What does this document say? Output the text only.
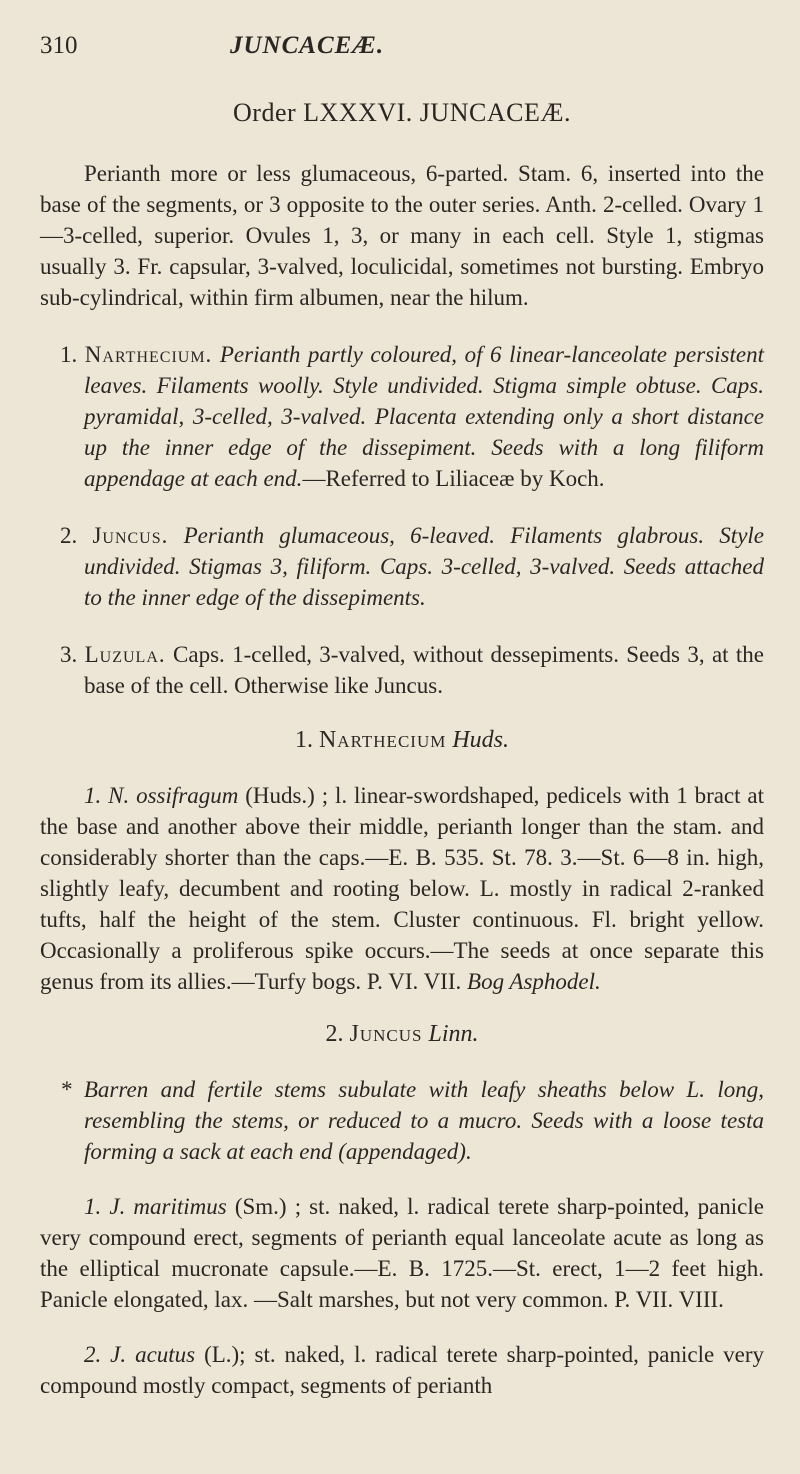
310	JUNCACEÆ.
Order LXXXVI. JUNCACEÆ.

Perianth more or less glumaceous, 6-parted. Stam. 6, inserted into the base of the segments, or 3 opposite to the outer series. Anth. 2-celled. Ovary 1—3-celled, superior. Ovules 1, 3, or many in each cell. Style 1, stigmas usually 3. Fr. capsular, 3-valved, loculicidal, sometimes not bursting. Embryo sub-cylindrical, within firm albumen, near the hilum.

1. Narthecium. Perianth partly coloured, of 6 linear-lanceolate persistent leaves. Filaments woolly. Style undivided. Stigma simple obtuse. Caps. pyramidal, 3-celled, 3-valved. Placenta extending only a short distance up the inner edge of the dissepiment. Seeds with a long filiform appendage at each end.—Referred to Liliaceæ by Koch.

2. Juncus. Perianth glumaceous, 6-leaved. Filaments glabrous. Style undivided. Stigmas 3, filiform. Caps. 3-celled, 3-valved. Seeds attached to the inner edge of the dissepiments.

3. Luzula. Caps. 1-celled, 3-valved, without dessepiments. Seeds 3, at the base of the cell. Otherwise like Juncus.

1. Narthecium Huds.

1. N. ossifragum (Huds.) ; l. linear-swordshaped, pedicels with 1 bract at the base and another above their middle, perianth longer than the stam. and considerably shorter than the caps.—E. B. 535. St. 78. 3.—St. 6—8 in. high, slightly leafy, decumbent and rooting below. L. mostly in radical 2-ranked tufts, half the height of the stem. Cluster continuous. Fl. bright yellow. Occasionally a proliferous spike occurs.—The seeds at once separate this genus from its allies.—Turfy bogs. P. VI. VII. Bog Asphodel.

2. Juncus Linn.

* Barren and fertile stems subulate with leafy sheaths below L. long, resembling the stems, or reduced to a mucro. Seeds with a loose testa forming a sack at each end (appendaged).

1. J. maritimus (Sm.) ; st. naked, l. radical terete sharp-pointed, panicle very compound erect, segments of perianth equal lanceolate acute as long as the elliptical mucronate capsule.—E. B. 1725.—St. erect, 1—2 feet high. Panicle elongated, lax. —Salt marshes, but not very common. P. VII. VIII.

2. J. acutus (L.); st. naked, l. radical terete sharp-pointed, panicle very compound mostly compact, segments of perianth
